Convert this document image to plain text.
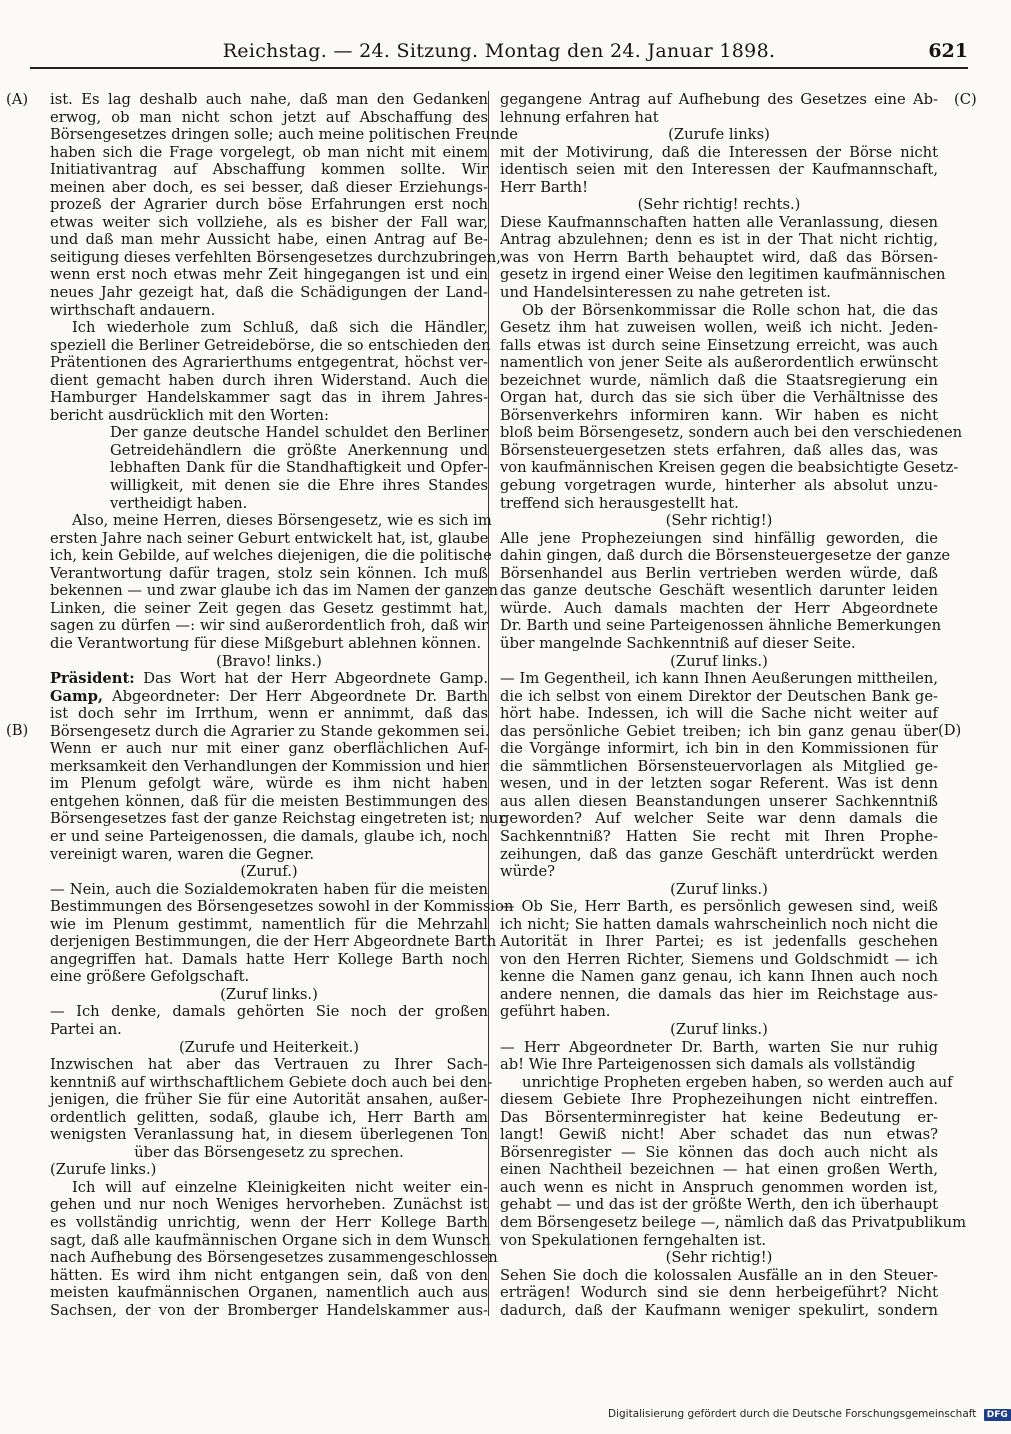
Reichstag. — 24. Sitzung. Montag den 24. Januar 1898.	621
(A)
(B)
(C)
(D)
ist. Es lag deshalb auch nahe, daß man den Gedanken
erwog, ob man nicht schon jetzt auf Abschaffung des
Börsengesetzes dringen solle; auch meine politischen Freunde
haben sich die Frage vorgelegt, ob man nicht mit einem
Initiativantrag auf Abschaffung kommen sollte. Wir
meinen aber doch, es sei besser, daß dieser Erziehungs-
prozeß der Agrarier durch böse Erfahrungen erst noch
etwas weiter sich vollziehe, als es bisher der Fall war,
und daß man mehr Aussicht habe, einen Antrag auf Be-
seitigung dieses verfehlten Börsengesetzes durchzubringen,
wenn erst noch etwas mehr Zeit hingegangen ist und ein
neues Jahr gezeigt hat, daß die Schädigungen der Land-
wirthschaft andauern.
Ich wiederhole zum Schluß, daß sich die Händler,
speziell die Berliner Getreidebörse, die so entschieden den
Prätentionen des Agrarierthums entgegentrat, höchst ver-
dient gemacht haben durch ihren Widerstand. Auch die
Hamburger Handelskammer sagt das in ihrem Jahres-
bericht ausdrücklich mit den Worten:
Der ganze deutsche Handel schuldet den Berliner
Getreidehändlern die größte Anerkennung und
lebhaften Dank für die Standhaftigkeit und Opfer-
willigkeit, mit denen sie die Ehre ihres Standes
vertheidigt haben.
Also, meine Herren, dieses Börsengesetz, wie es sich im
ersten Jahre nach seiner Geburt entwickelt hat, ist, glaube
ich, kein Gebilde, auf welches diejenigen, die die politische
Verantwortung dafür tragen, stolz sein können. Ich muß
bekennen — und zwar glaube ich das im Namen der ganzen
Linken, die seiner Zeit gegen das Gesetz gestimmt hat,
sagen zu dürfen —: wir sind außerordentlich froh, daß wir
die Verantwortung für diese Mißgeburt ablehnen können.
(Bravo! links.)
Präsident: Das Wort hat der Herr Abgeordnete Gamp.
Gamp, Abgeordneter: Der Herr Abgeordnete Dr. Barth
ist doch sehr im Irrthum, wenn er annimmt, daß das
Börsengesetz durch die Agrarier zu Stande gekommen sei.
Wenn er auch nur mit einer ganz oberflächlichen Auf-
merksamkeit den Verhandlungen der Kommission und hier
im Plenum gefolgt wäre, würde es ihm nicht haben
entgehen können, daß für die meisten Bestimmungen des
Börsengesetzes fast der ganze Reichstag eingetreten ist; nur
er und seine Parteigenossen, die damals, glaube ich, noch
vereinigt waren, waren die Gegner.
(Zuruf.)
— Nein, auch die Sozialdemokraten haben für die meisten
Bestimmungen des Börsengesetzes sowohl in der Kommission
wie im Plenum gestimmt, namentlich für die Mehrzahl
derjenigen Bestimmungen, die der Herr Abgeordnete Barth
angegriffen hat. Damals hatte Herr Kollege Barth noch
eine größere Gefolgschaft.
(Zuruf links.)
— Ich denke, damals gehörten Sie noch der großen
Partei an.
(Zurufe und Heiterkeit.)
Inzwischen hat aber das Vertrauen zu Ihrer Sach-
kenntniß auf wirthschaftlichem Gebiete doch auch bei den-
jenigen, die früher Sie für eine Autorität ansahen, außer-
ordentlich gelitten, sodaß, glaube ich, Herr Barth am
wenigsten Veranlassung hat, in diesem überlegenen Ton
über das Börsengesetz zu sprechen.
(Zurufe links.)
Ich will auf einzelne Kleinigkeiten nicht weiter ein-
gehen und nur noch Weniges hervorheben. Zunächst ist
es vollständig unrichtig, wenn der Herr Kollege Barth
sagt, daß alle kaufmännischen Organe sich in dem Wunsch
nach Aufhebung des Börsengesetzes zusammengeschlossen
hätten. Es wird ihm nicht entgangen sein, daß von den
meisten kaufmännischen Organen, namentlich auch aus
Sachsen, der von der Bromberger Handelskammer aus-
gegangene Antrag auf Aufhebung des Gesetzes eine Ab-
lehnung erfahren hat
(Zurufe links)
mit der Motivirung, daß die Interessen der Börse nicht
identisch seien mit den Interessen der Kaufmannschaft,
Herr Barth!
(Sehr richtig! rechts.)
Diese Kaufmannschaften hatten alle Veranlassung, diesen
Antrag abzulehnen; denn es ist in der That nicht richtig,
was von Herrn Barth behauptet wird, daß das Börsen-
gesetz in irgend einer Weise den legitimen kaufmännischen
und Handelsinteressen zu nahe getreten ist.
Ob der Börsenkommissar die Rolle schon hat, die das
Gesetz ihm hat zuweisen wollen, weiß ich nicht. Jeden-
falls etwas ist durch seine Einsetzung erreicht, was auch
namentlich von jener Seite als außerordentlich erwünscht
bezeichnet wurde, nämlich daß die Staatsregierung ein
Organ hat, durch das sie sich über die Verhältnisse des
Börsenverkehrs informiren kann. Wir haben es nicht
bloß beim Börsengesetz, sondern auch bei den verschiedenen
Börsensteuergesetzen stets erfahren, daß alles das, was
von kaufmännischen Kreisen gegen die beabsichtigte Gesetz-
gebung vorgetragen wurde, hinterher als absolut unzu-
treffend sich herausgestellt hat.
(Sehr richtig!)
Alle jene Prophezeiungen sind hinfällig geworden, die
dahin gingen, daß durch die Börsensteuergesetze der ganze
Börsenhandel aus Berlin vertrieben werden würde, daß
das ganze deutsche Geschäft wesentlich darunter leiden
würde. Auch damals machten der Herr Abgeordnete
Dr. Barth und seine Parteigenossen ähnliche Bemerkungen
über mangelnde Sachkenntniß auf dieser Seite.
(Zuruf links.)
— Im Gegentheil, ich kann Ihnen Aeußerungen mittheilen,
die ich selbst von einem Direktor der Deutschen Bank ge-
hört habe. Indessen, ich will die Sache nicht weiter auf
das persönliche Gebiet treiben; ich bin ganz genau über
die Vorgänge informirt, ich bin in den Kommissionen für
die sämmtlichen Börsensteuervorlagen als Mitglied ge-
wesen, und in der letzten sogar Referent. Was ist denn
aus allen diesen Beanstandungen unserer Sachkenntniß
geworden? Auf welcher Seite war denn damals die
Sachkenntniß? Hatten Sie recht mit Ihren Prophe-
zeihungen, daß das ganze Geschäft unterdrückt werden
würde?
(Zuruf links.)
— Ob Sie, Herr Barth, es persönlich gewesen sind, weiß
ich nicht; Sie hatten damals wahrscheinlich noch nicht die
Autorität in Ihrer Partei; es ist jedenfalls geschehen
von den Herren Richter, Siemens und Goldschmidt — ich
kenne die Namen ganz genau, ich kann Ihnen auch noch
andere nennen, die damals das hier im Reichstage aus-
geführt haben.
(Zuruf links.)
— Herr Abgeordneter Dr. Barth, warten Sie nur ruhig
ab! Wie Ihre Parteigenossen sich damals als vollständig
unrichtige Propheten ergeben haben, so werden auch auf
diesem Gebiete Ihre Prophezeihungen nicht eintreffen.
Das Börsenterminregister hat keine Bedeutung er-
langt! Gewiß nicht! Aber schadet das nun etwas?
Börsenregister — Sie können das doch auch nicht als
einen Nachtheil bezeichnen — hat einen großen Werth,
auch wenn es nicht in Anspruch genommen worden ist,
gehabt — und das ist der größte Werth, den ich überhaupt
dem Börsengesetz beilege —, nämlich daß das Privatpublikum
von Spekulationen ferngehalten ist.
(Sehr richtig!)
Sehen Sie doch die kolossalen Ausfälle an in den Steuer-
erträgen! Wodurch sind sie denn herbeigeführt? Nicht
dadurch, daß der Kaufmann weniger spekulirt, sondern
Digitalisierung gefördert durch die Deutsche Forschungsgemeinschaft DFG
